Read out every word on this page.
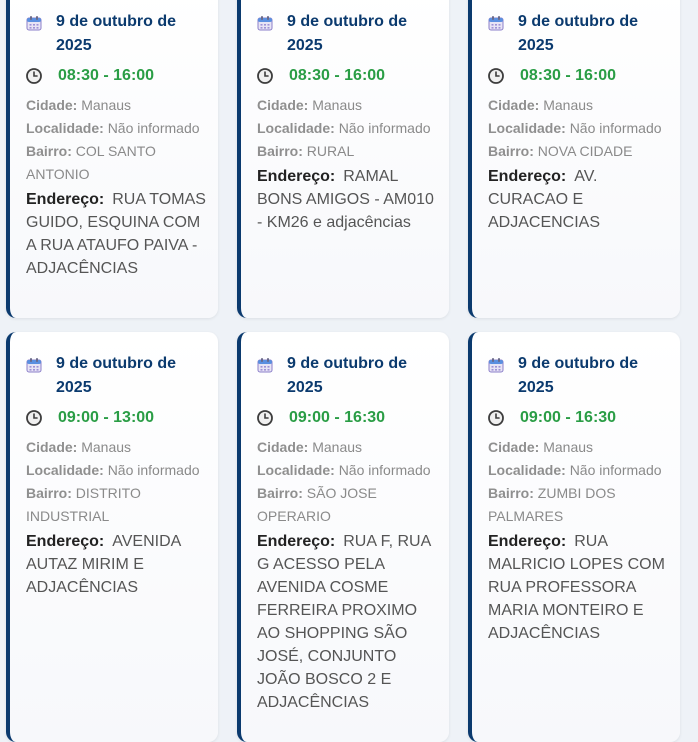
9 de outubro de 2025
08:30 - 16:00
Cidade: Manaus
Localidade: Não informado
Bairro: COL SANTO ANTONIO
Endereço: RUA TOMAS GUIDO, ESQUINA COM A RUA ATAUFO PAIVA - ADJACÊNCIAS
9 de outubro de 2025
08:30 - 16:00
Cidade: Manaus
Localidade: Não informado
Bairro: RURAL
Endereço: RAMAL BONS AMIGOS - AM010 - KM26 e adjacências
9 de outubro de 2025
08:30 - 16:00
Cidade: Manaus
Localidade: Não informado
Bairro: NOVA CIDADE
Endereço: AV. CURACAO E ADJACENCIAS
9 de outubro de 2025
09:00 - 13:00
Cidade: Manaus
Localidade: Não informado
Bairro: DISTRITO INDUSTRIAL
Endereço: AVENIDA AUTAZ MIRIM E ADJACÊNCIAS
9 de outubro de 2025
09:00 - 16:30
Cidade: Manaus
Localidade: Não informado
Bairro: SÃO JOSE OPERARIO
Endereço: RUA F, RUA G ACESSO PELA AVENIDA COSME FERREIRA PROXIMO AO SHOPPING SÃO JOSÉ, CONJUNTO JOÃO BOSCO 2 E ADJACÊNCIAS
9 de outubro de 2025
09:00 - 16:30
Cidade: Manaus
Localidade: Não informado
Bairro: ZUMBI DOS PALMARES
Endereço: RUA MALRICIO LOPES COM RUA PROFESSORA MARIA MONTEIRO E ADJACÊNCIAS
